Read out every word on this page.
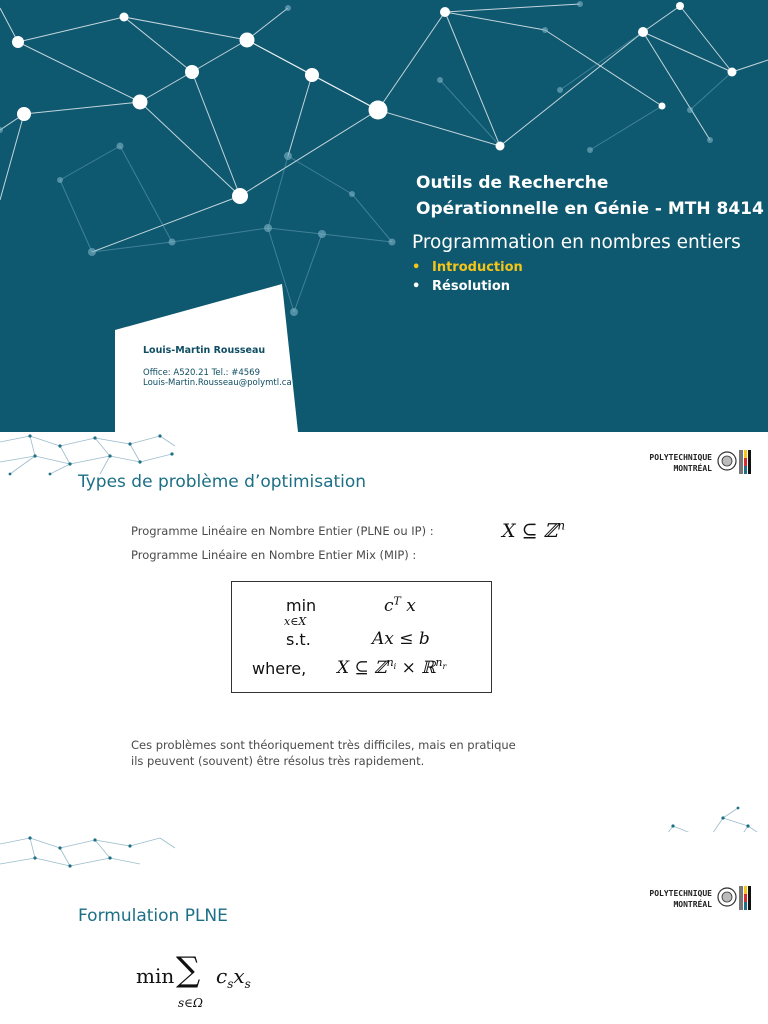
Outils de Recherche
Opérationnelle en Génie - MTH 8414
Programmation en nombres entiers
• Introduction
• Résolution
Louis-Martin Rousseau
Office: A520.21 Tel.: #4569
Louis-Martin.Rousseau@polymtl.ca
POLYTECHNIQUE
MONTRÉAL
Types de problème d’optimisation
Programme Linéaire en Nombre Entier (PLNE ou IP) :	X ⊆ ℤ$^n$
Programme Linéaire en Nombre Entier Mix (MIP) :
min
x∈X
$c^T$ x
s.t.	Ax ≤ b
where, X ⊆ ℤ$^{n_i}$ × ℝ$^{n_r}$
Ces problèmes sont théoriquement très difficiles, mais en pratique
ils peuvent (souvent) être résolus très rapidement.
POLYTECHNIQUE
MONTRÉAL
Formulation PLNE
min ∑
s∈Ω
$c_sx_s$
